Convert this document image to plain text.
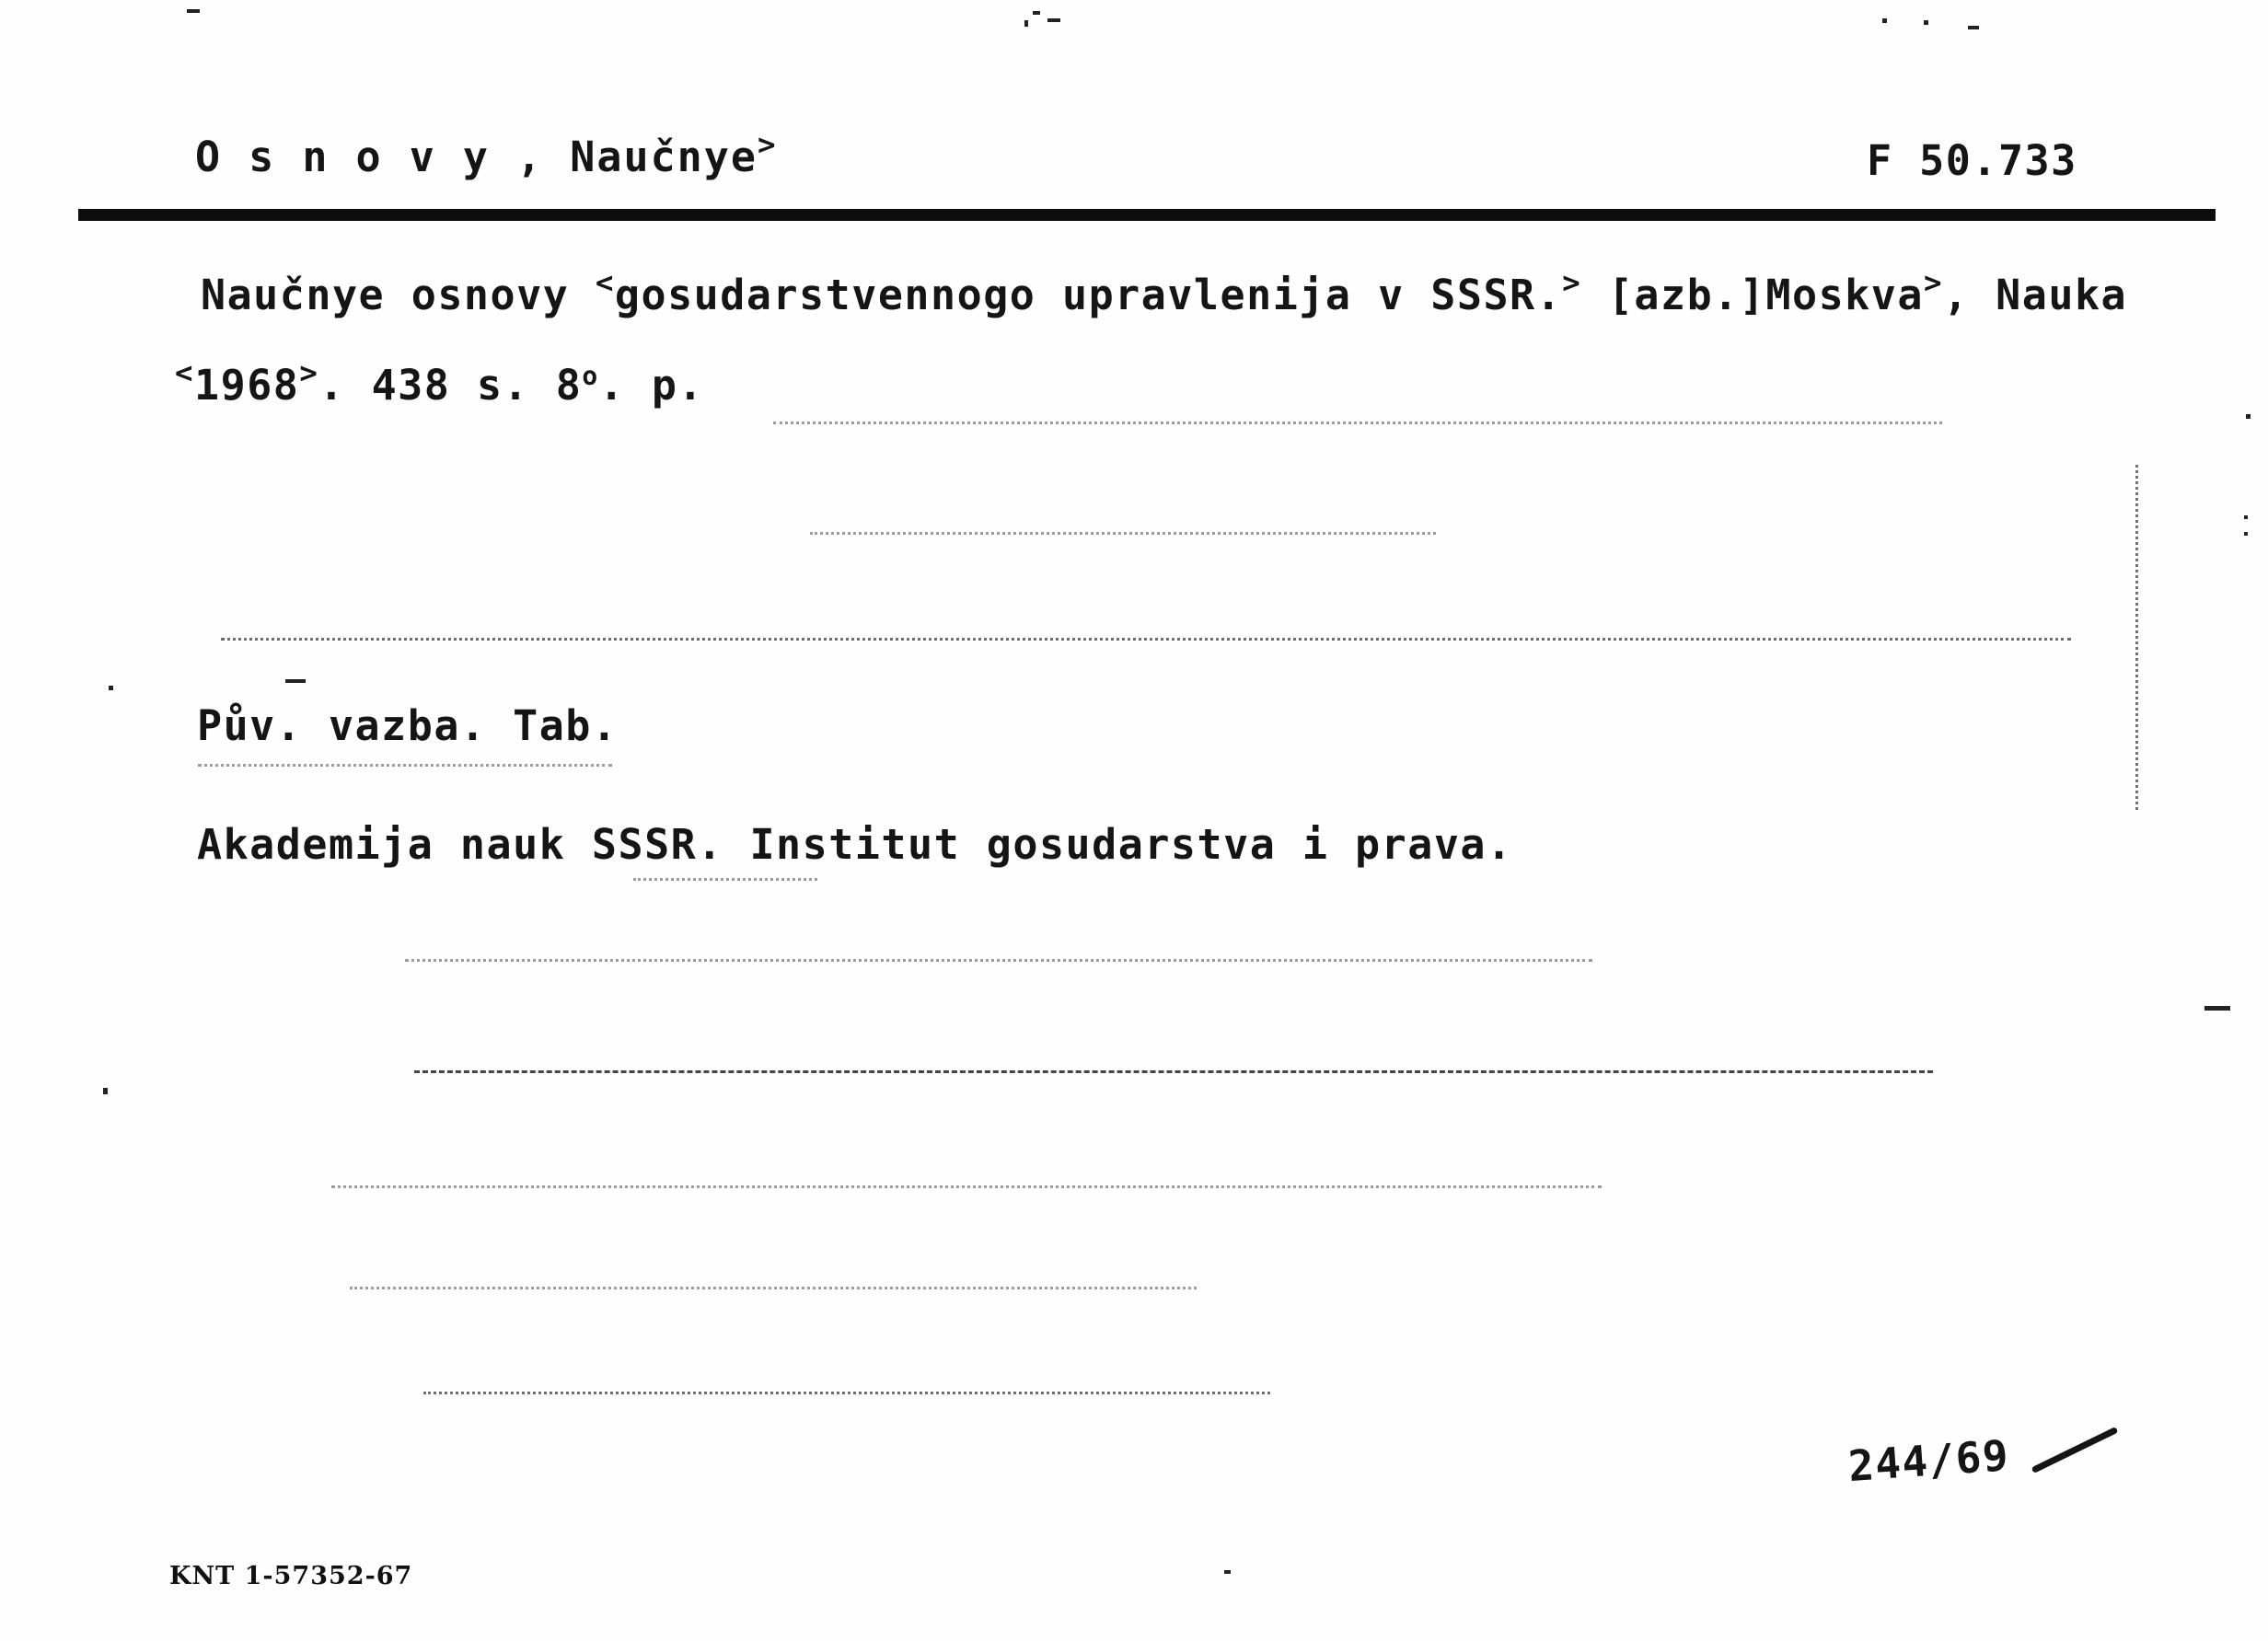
O s n o v y , Naučnye>	F 50.733
Naučnye osnovy <gosudarstvennogo upravlenija v SSSR.> [azb.]Moskva>, Nauka
<1968>. 438 s. 8o. p.
Pův. vazba. Tab.
Akademija nauk SSSR. Institut gosudarstva i prava.
244/69
KNT 1-57352-67
